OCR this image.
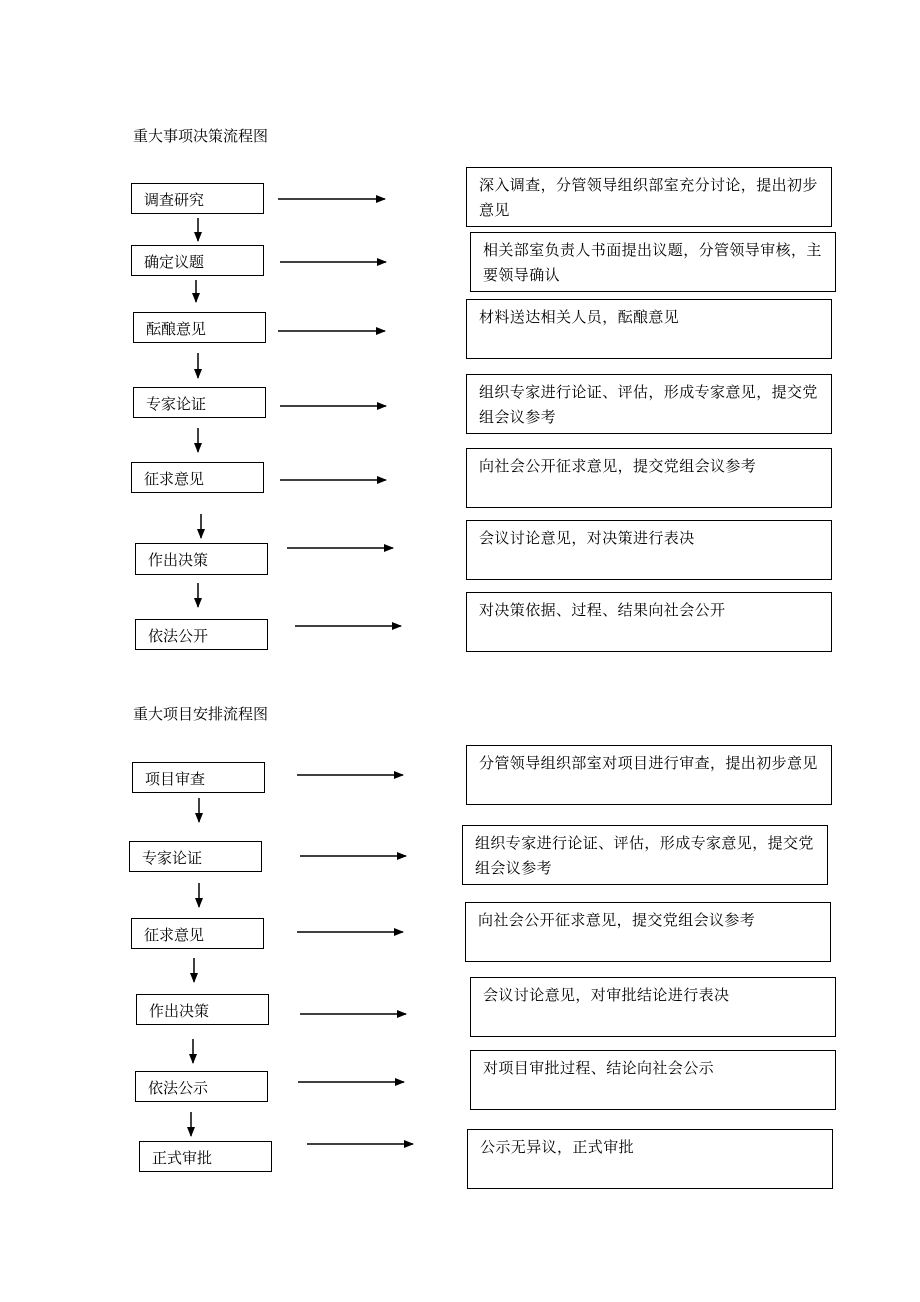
重大事项决策流程图
调查研究
确定议题
酝酿意见
专家论证
征求意见
作出决策
依法公开
深入调查，分管领导组织部室充分讨论，提出初步意见
相关部室负责人书面提出议题，分管领导审核，主要领导确认
材料送达相关人员，酝酿意见
组织专家进行论证、评估，形成专家意见，提交党组会议参考
向社会公开征求意见，提交党组会议参考
会议讨论意见，对决策进行表决
对决策依据、过程、结果向社会公开
重大项目安排流程图
项目审查
专家论证
征求意见
作出决策
依法公示
正式审批
分管领导组织部室对项目进行审查，提出初步意见
组织专家进行论证、评估，形成专家意见，提交党组会议参考
向社会公开征求意见，提交党组会议参考
会议讨论意见，对审批结论进行表决
对项目审批过程、结论向社会公示
公示无异议，正式审批
